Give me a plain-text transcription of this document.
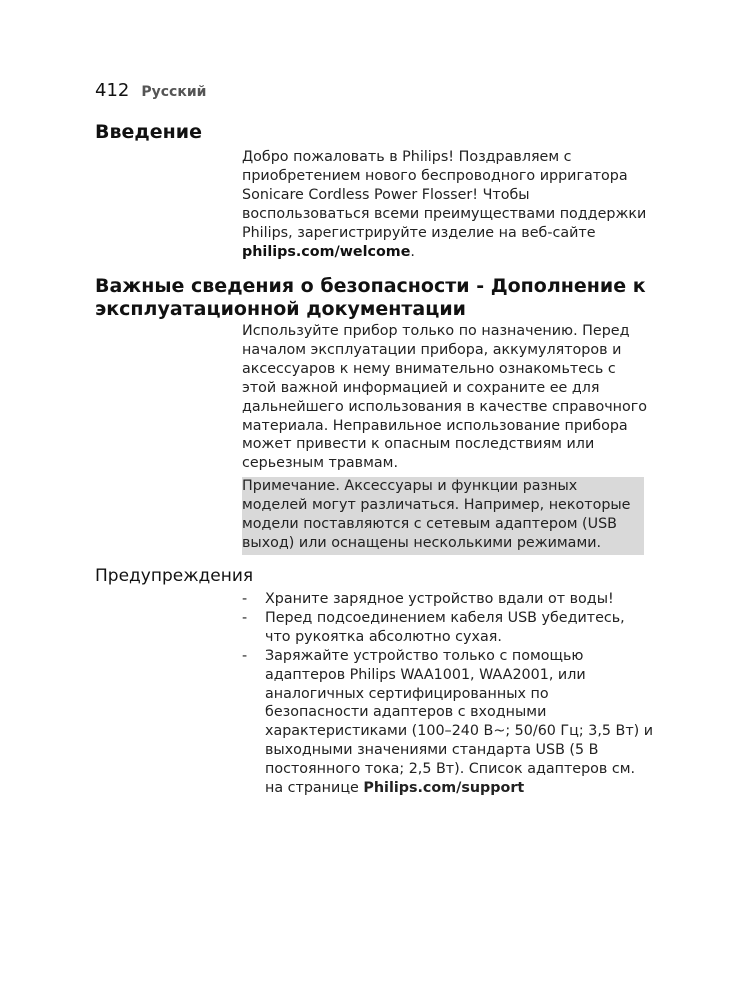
412 Русский
Введение

Добро пожаловать в Philips! Поздравляем с приобретением нового беспроводного ирригатора Sonicare Cordless Power Flosser! Чтобы воспользоваться всеми преимуществами поддержки Philips, зарегистрируйте изделие на веб-сайте philips.com/welcome.

Важные сведения о безопасности - Дополнение к эксплуатационной документации

Используйте прибор только по назначению. Перед началом эксплуатации прибора, аккумуляторов и аксессуаров к нему внимательно ознакомьтесь с этой важной информацией и сохраните ее для дальнейшего использования в качестве справочного материала. Неправильное использование прибора может привести к опасным последствиям или серьезным травмам.

Примечание. Аксессуары и функции разных моделей могут различаться. Например, некоторые модели поставляются с сетевым адаптером (USB выход) или оснащены несколькими режимами.

Предупреждения
- Храните зарядное устройство вдали от воды!
- Перед подсоединением кабеля USB убедитесь, что рукоятка абсолютно сухая.
- Заряжайте устройство только с помощью адаптеров Philips WAA1001, WAA2001, или аналогичных сертифицированных по безопасности адаптеров с входными характеристиками (100–240 В~; 50/60 Гц; 3,5 Вт) и выходными значениями стандарта USB (5 В постоянного тока; 2,5 Вт). Список адаптеров см. на странице Philips.com/support
